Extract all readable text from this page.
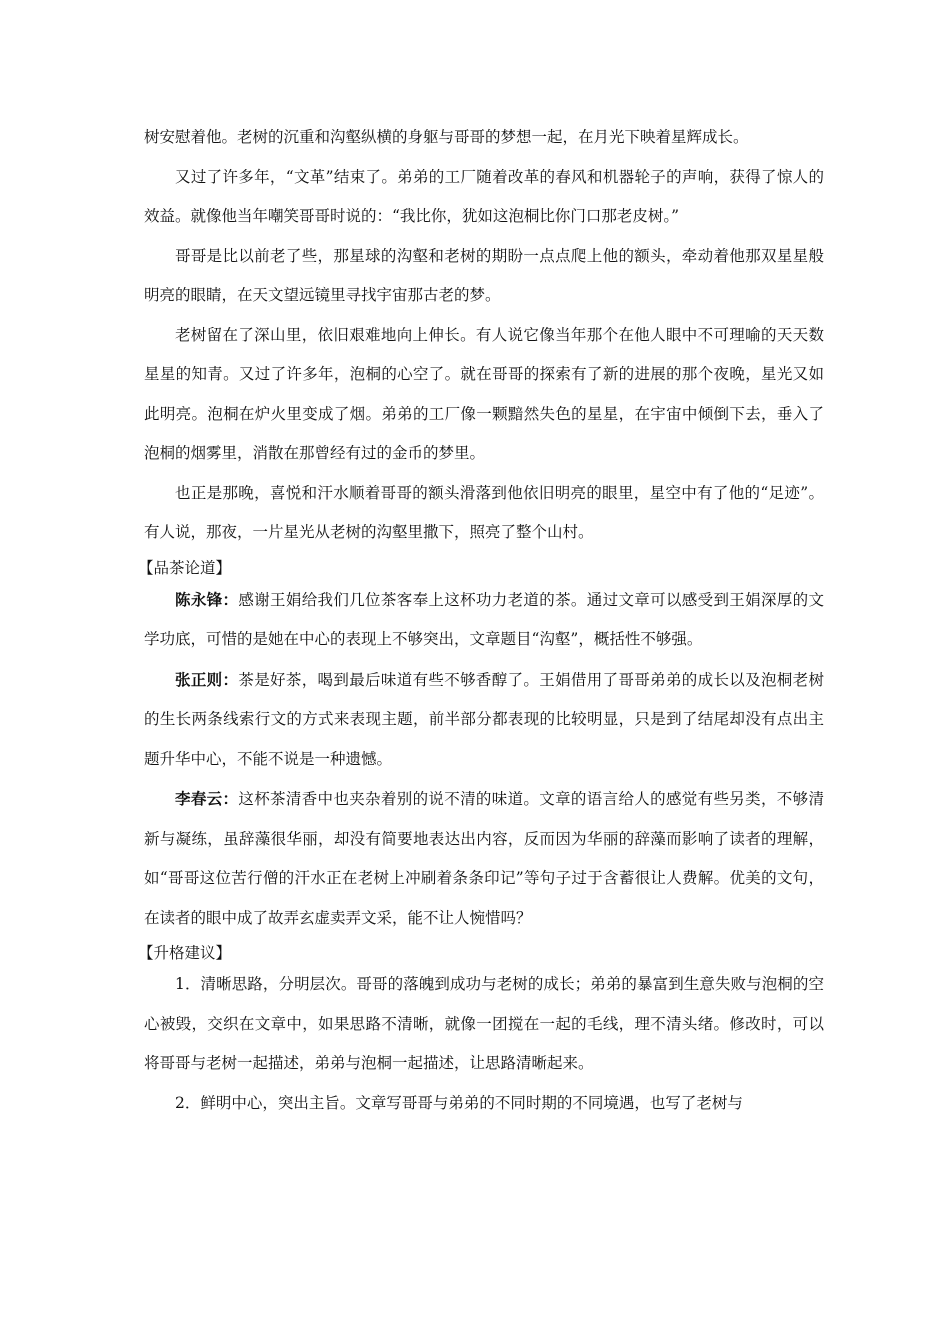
树安慰着他。老树的沉重和沟壑纵横的身躯与哥哥的梦想一起，在月光下映着星辉成长。

又过了许多年，“文革”结束了。弟弟的工厂随着改革的春风和机器轮子的声响，获得了惊人的效益。就像他当年嘲笑哥哥时说的：“我比你，犹如这泡桐比你门口那老皮树。”

哥哥是比以前老了些，那星球的沟壑和老树的期盼一点点爬上他的额头，牵动着他那双星星般明亮的眼睛，在天文望远镜里寻找宇宙那古老的梦。

老树留在了深山里，依旧艰难地向上伸长。有人说它像当年那个在他人眼中不可理喻的天天数星星的知青。又过了许多年，泡桐的心空了。就在哥哥的探索有了新的进展的那个夜晚，星光又如此明亮。泡桐在炉火里变成了烟。弟弟的工厂像一颗黯然失色的星星，在宇宙中倾倒下去，垂入了泡桐的烟雾里，消散在那曾经有过的金币的梦里。

也正是那晚，喜悦和汗水顺着哥哥的额头滑落到他依旧明亮的眼里，星空中有了他的“足迹”。有人说，那夜，一片星光从老树的沟壑里撒下，照亮了整个山村。

【品茶论道】

陈永锋：感谢王娟给我们几位茶客奉上这杯功力老道的茶。通过文章可以感受到王娟深厚的文学功底，可惜的是她在中心的表现上不够突出，文章题目“沟壑”，概括性不够强。

张正则：茶是好茶，喝到最后味道有些不够香醇了。王娟借用了哥哥弟弟的成长以及泡桐老树的生长两条线索行文的方式来表现主题，前半部分都表现的比较明显，只是到了结尾却没有点出主题升华中心，不能不说是一种遗憾。

李春云：这杯茶清香中也夹杂着别的说不清的味道。文章的语言给人的感觉有些另类，不够清新与凝练，虽辞藻很华丽，却没有简要地表达出内容，反而因为华丽的辞藻而影响了读者的理解，如“哥哥这位苦行僧的汗水正在老树上冲刷着条条印记”等句子过于含蓄很让人费解。优美的文句，在读者的眼中成了故弄玄虚卖弄文采，能不让人惋惜吗？

【升格建议】

1．清晰思路，分明层次。哥哥的落魄到成功与老树的成长；弟弟的暴富到生意失败与泡桐的空心被毁，交织在文章中，如果思路不清晰，就像一团搅在一起的毛线，理不清头绪。修改时，可以将哥哥与老树一起描述，弟弟与泡桐一起描述，让思路清晰起来。

2．鲜明中心，突出主旨。文章写哥哥与弟弟的不同时期的不同境遇，也写了老树与
